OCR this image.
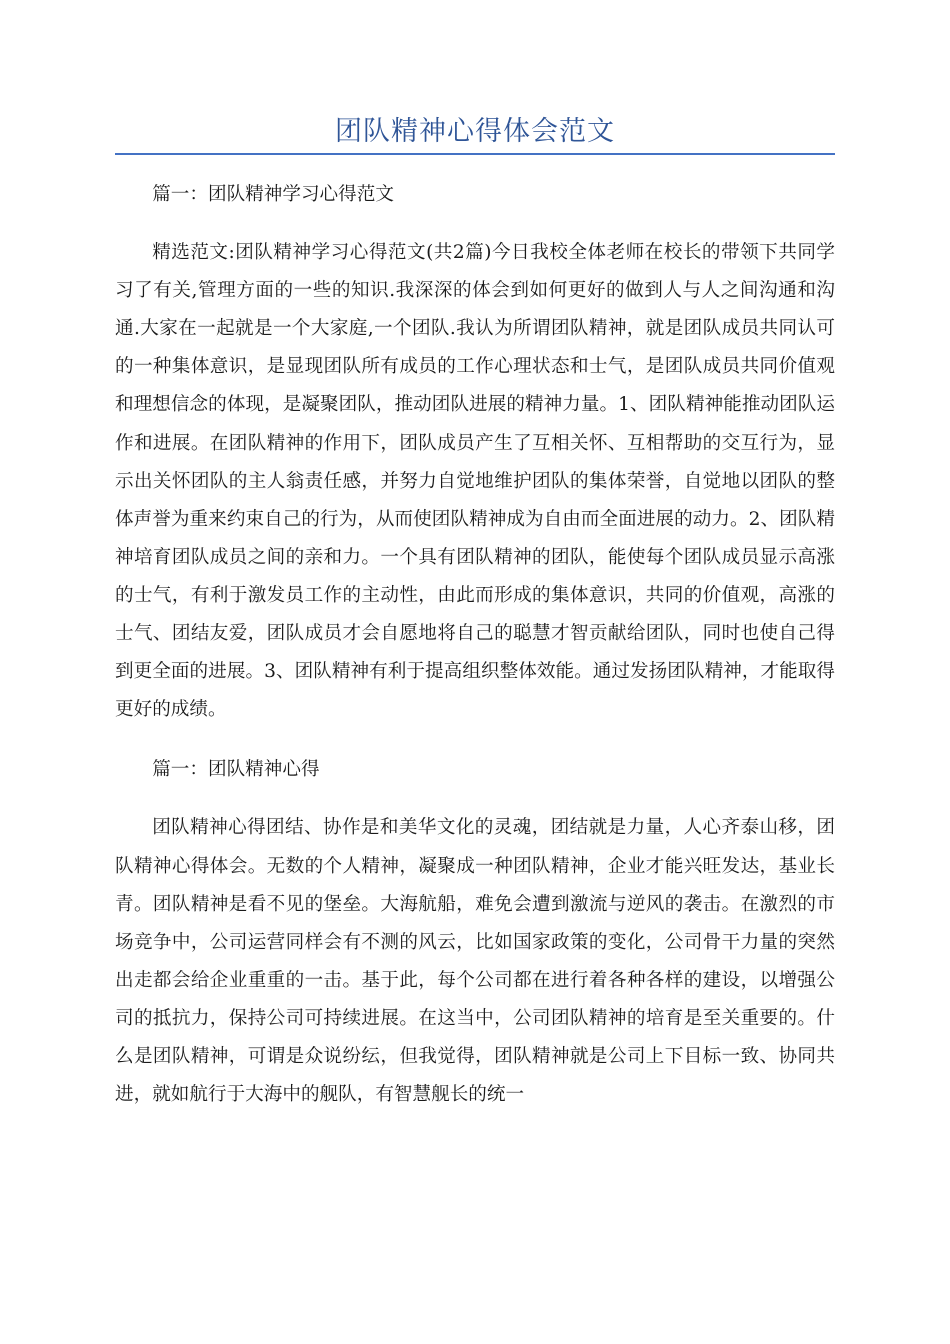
团队精神心得体会范文

篇一：团队精神学习心得范文

精选范文:团队精神学习心得范文(共2篇)今日我校全体老师在校长的带领下共同学习了有关,管理方面的一些的知识.我深深的体会到如何更好的做到人与人之间沟通和沟通.大家在一起就是一个大家庭,一个团队.我认为所谓团队精神，就是团队成员共同认可的一种集体意识，是显现团队所有成员的工作心理状态和士气，是团队成员共同价值观和理想信念的体现，是凝聚团队，推动团队进展的精神力量。1、团队精神能推动团队运作和进展。在团队精神的作用下，团队成员产生了互相关怀、互相帮助的交互行为，显示出关怀团队的主人翁责任感，并努力自觉地维护团队的集体荣誉，自觉地以团队的整体声誉为重来约束自己的行为，从而使团队精神成为自由而全面进展的动力。2、团队精神培育团队成员之间的亲和力。一个具有团队精神的团队，能使每个团队成员显示高涨的士气，有利于激发员工作的主动性，由此而形成的集体意识，共同的价值观，高涨的士气、团结友爱，团队成员才会自愿地将自己的聪慧才智贡献给团队，同时也使自己得到更全面的进展。3、团队精神有利于提高组织整体效能。通过发扬团队精神，才能取得更好的成绩。

篇一：团队精神心得

团队精神心得团结、协作是和美华文化的灵魂，团结就是力量，人心齐泰山移，团队精神心得体会。无数的个人精神，凝聚成一种团队精神，企业才能兴旺发达，基业长青。团队精神是看不见的堡垒。大海航船，难免会遭到激流与逆风的袭击。在激烈的市场竞争中，公司运营同样会有不测的风云，比如国家政策的变化，公司骨干力量的突然出走都会给企业重重的一击。基于此，每个公司都在进行着各种各样的建设，以增强公司的抵抗力，保持公司可持续进展。在这当中，公司团队精神的培育是至关重要的。什么是团队精神，可谓是众说纷纭，但我觉得，团队精神就是公司上下目标一致、协同共进，就如航行于大海中的舰队，有智慧舰长的统一
